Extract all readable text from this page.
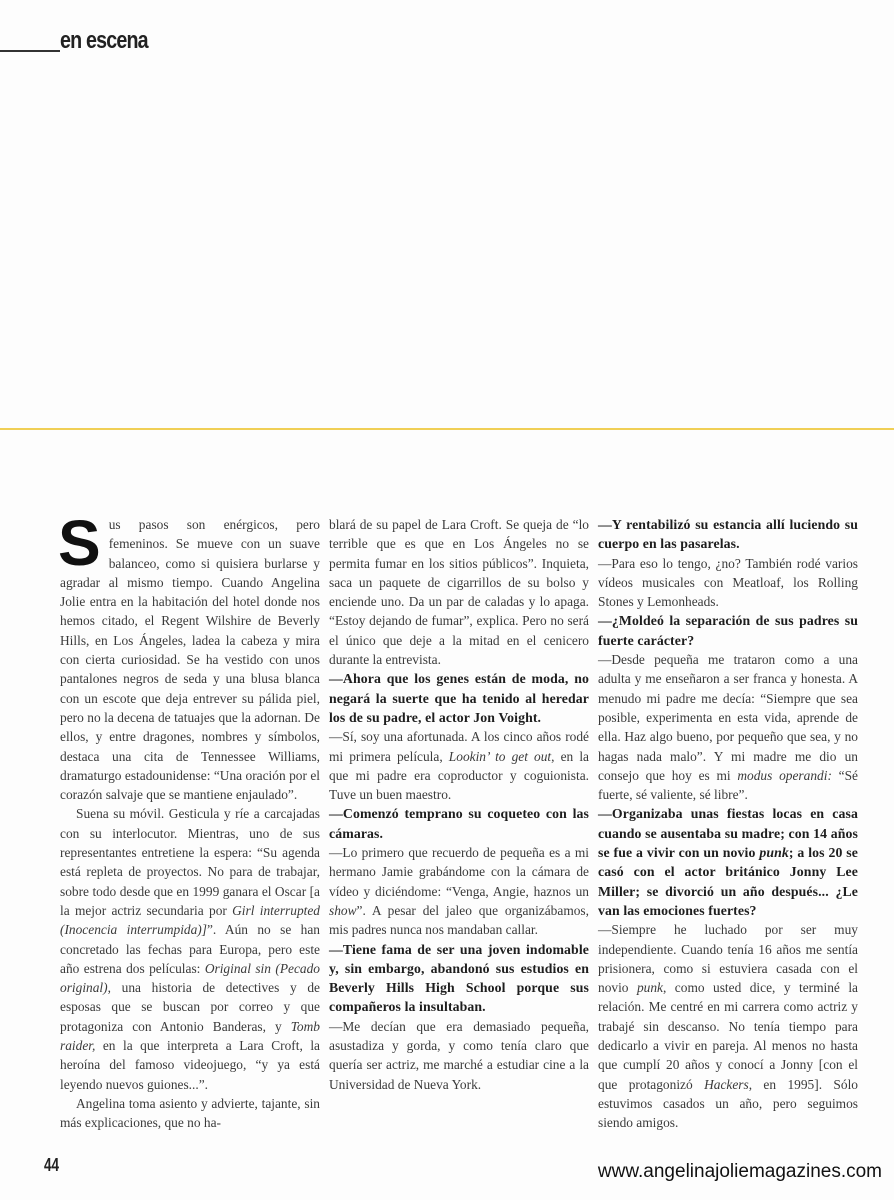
en escena

Sus pasos son enérgicos, pero femeninos. Se mueve con un suave balanceo, como si quisiera burlarse y agradar al mismo tiempo. Cuando Angelina Jolie entra en la habitación del hotel donde nos hemos citado, el Regent Wilshire de Beverly Hills, en Los Ángeles, ladea la cabeza y mira con cierta curiosidad. Se ha vestido con unos pantalones negros de seda y una blusa blanca con un escote que deja entrever su pálida piel, pero no la decena de tatuajes que la adornan. De ellos, y entre dragones, nombres y símbolos, destaca una cita de Tennessee Williams, dramaturgo estadounidense: “Una oración por el corazón salvaje que se mantiene enjaulado”.

Suena su móvil. Gesticula y ríe a carcajadas con su interlocutor. Mientras, uno de sus representantes entretiene la espera: “Su agenda está repleta de proyectos. No para de trabajar, sobre todo desde que en 1999 ganara el Oscar [a la mejor actriz secundaria por Girl interrupted (Inocencia interrumpida)]”. Aún no se han concretado las fechas para Europa, pero este año estrena dos películas: Original sin (Pecado original), una historia de detectives y de esposas que se buscan por correo y que protagoniza con Antonio Banderas, y Tomb raider, en la que interpreta a Lara Croft, la heroína del famoso videojuego, “y ya está leyendo nuevos guiones...”.

Angelina toma asiento y advierte, tajante, sin más explicaciones, que no ha-

blará de su papel de Lara Croft. Se queja de “lo terrible que es que en Los Ángeles no se permita fumar en los sitios públicos”. Inquieta, saca un paquete de cigarrillos de su bolso y enciende uno. Da un par de caladas y lo apaga. “Estoy dejando de fumar”, explica. Pero no será el único que deje a la mitad en el cenicero durante la entrevista.

—Ahora que los genes están de moda, no negará la suerte que ha tenido al heredar los de su padre, el actor Jon Voight.

—Sí, soy una afortunada. A los cinco años rodé mi primera película, Lookin’ to get out, en la que mi padre era coproductor y coguionista. Tuve un buen maestro.

—Comenzó temprano su coqueteo con las cámaras.

—Lo primero que recuerdo de pequeña es a mi hermano Jamie grabándome con la cámara de vídeo y diciéndome: “Venga, Angie, haznos un show”. A pesar del jaleo que organizábamos, mis padres nunca nos mandaban callar.

—Tiene fama de ser una joven indomable y, sin embargo, abandonó sus estudios en Beverly Hills High School porque sus compañeros la insultaban.

—Me decían que era demasiado pequeña, asustadiza y gorda, y como tenía claro que quería ser actriz, me marché a estudiar cine a la Universidad de Nueva York.

—Y rentabilizó su estancia allí luciendo su cuerpo en las pasarelas.

—Para eso lo tengo, ¿no? También rodé varios vídeos musicales con Meatloaf, los Rolling Stones y Lemonheads.

—¿Moldeó la separación de sus padres su fuerte carácter?

—Desde pequeña me trataron como a una adulta y me enseñaron a ser franca y honesta. A menudo mi padre me decía: “Siempre que sea posible, experimenta en esta vida, aprende de ella. Haz algo bueno, por pequeño que sea, y no hagas nada malo”. Y mi madre me dio un consejo que hoy es mi modus operandi: “Sé fuerte, sé valiente, sé libre”.

—Organizaba unas fiestas locas en casa cuando se ausentaba su madre; con 14 años se fue a vivir con un novio punk; a los 20 se casó con el actor británico Jonny Lee Miller; se divorció un año después... ¿Le van las emociones fuertes?

—Siempre he luchado por ser muy independiente. Cuando tenía 16 años me sentía prisionera, como si estuviera casada con el novio punk, como usted dice, y terminé la relación. Me centré en mi carrera como actriz y trabajé sin descanso. No tenía tiempo para dedicarlo a vivir en pareja. Al menos no hasta que cumplí 20 años y conocí a Jonny [con el que protagonizó Hackers, en 1995]. Sólo estuvimos casados un año, pero seguimos siendo amigos.

44	www.angelinajoliemagazines.com
